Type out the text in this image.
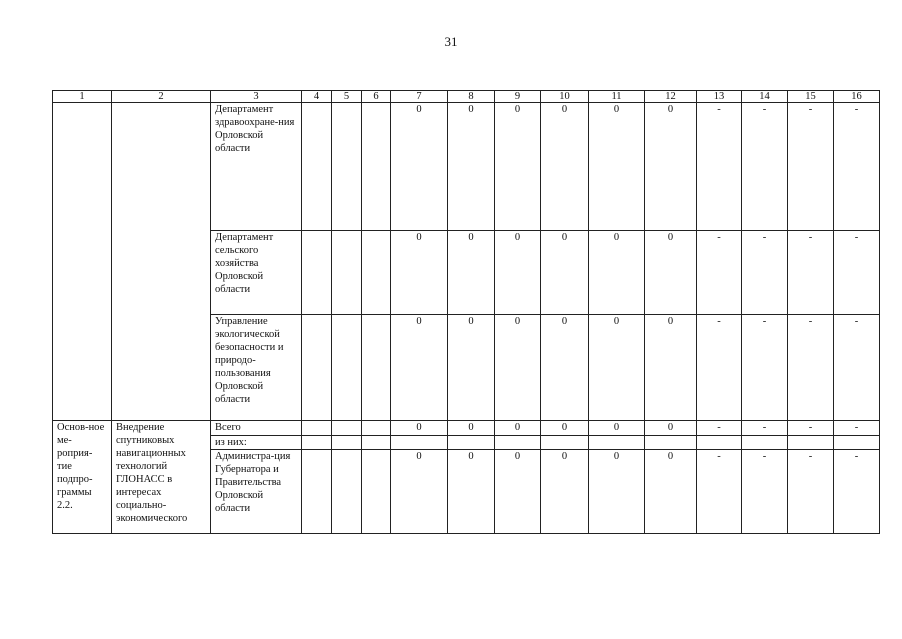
31
1	2	3	4	5	6	7	8	9	10	11	12	13	14	15	16
		Департамент здравоохране-ния Орловской области				0	0	0	0	0	0	-	-	-	-
		Департамент сельского хозяйства Орловской области				0	0	0	0	0	0	-	-	-	-
		Управление экологической безопасности и природо-пользования Орловской области				0	0	0	0	0	0	-	-	-	-
Основ-ное ме-роприя-тие подпро-граммы 2.2.	Внедрение спутниковых навигационных технологий ГЛОНАСС в интересах социально-экономического	Всего				0	0	0	0	0	0	-	-	-	-
		из них:													
		Администра-ция Губернатора и Правительства Орловской области				0	0	0	0	0	0	-	-	-	-
